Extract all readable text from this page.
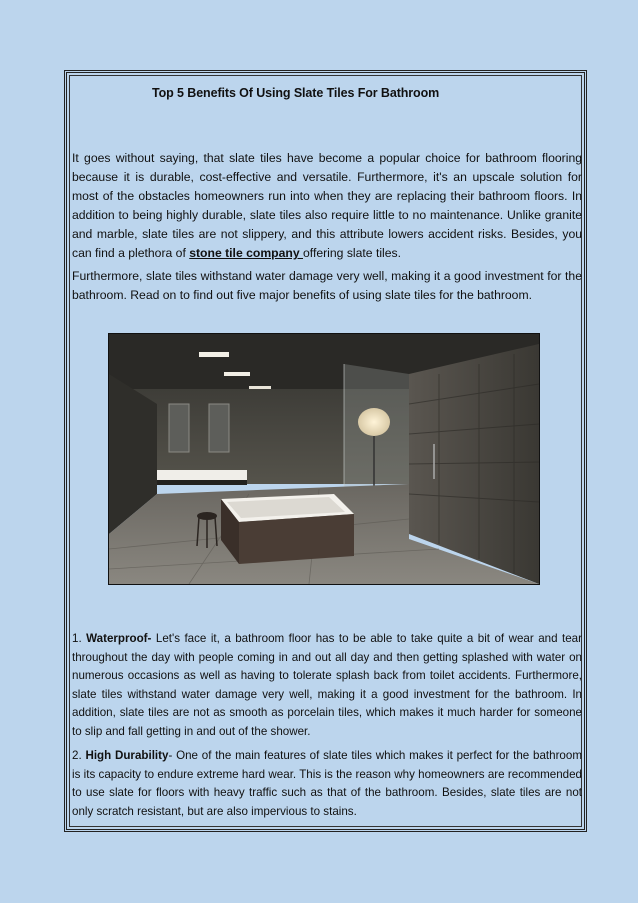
Top 5 Benefits Of Using Slate Tiles For Bathroom

It goes without saying, that slate tiles have become a popular choice for bathroom flooring because it is durable, cost-effective and versatile. Furthermore, it's an upscale solution for most of the obstacles homeowners run into when they are replacing their bathroom floors. In addition to being highly durable, slate tiles also require little to no maintenance. Unlike granite and marble, slate tiles are not slippery, and this attribute lowers accident risks. Besides, you can find a plethora of stone tile company offering slate tiles.

Furthermore, slate tiles withstand water damage very well, making it a good investment for the bathroom. Read on to find out five major benefits of using slate tiles for the bathroom.

1. Waterproof- Let's face it, a bathroom floor has to be able to take quite a bit of wear and tear throughout the day with people coming in and out all day and then getting splashed with water on numerous occasions as well as having to tolerate splash back from toilet accidents. Furthermore, slate tiles withstand water damage very well, making it a good investment for the bathroom. In addition, slate tiles are not as smooth as porcelain tiles, which makes it much harder for someone to slip and fall getting in and out of the shower.

2. High Durability- One of the main features of slate tiles which makes it perfect for the bathroom is its capacity to endure extreme hard wear. This is the reason why homeowners are recommended to use slate for floors with heavy traffic such as that of the bathroom. Besides, slate tiles are not only scratch resistant, but are also impervious to stains.
